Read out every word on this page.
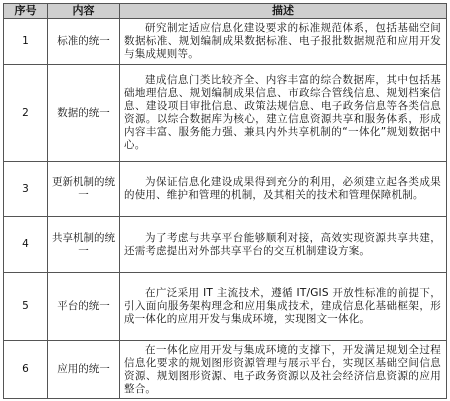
序号	内容	描述
1	标准的统一	研究制定适应信息化建设要求的标准规范体系，包括基础空间数据标准、规划编制成果数据标准、电子报批数据规范和应用开发与集成规则等。
2	数据的统一	建成信息门类比较齐全、内容丰富的综合数据库，其中包括基础地理信息、规划编制成果信息、市政综合管线信息、规划档案信息、建设项目审批信息、政策法规信息、电子政务信息等各类信息资源。以综合数据库为核心，建立信息资源共享和服务体系，形成内容丰富、服务能力强、兼具内外共享机制的“一体化”规划数据中心。
3	更新机制的统一	为保证信息化建设成果得到充分的利用，必须建立起各类成果的使用、维护和管理的机制，及其相关的技术和管理保障机制。
4	共享机制的统一	为了考虑与共享平台能够顺利对接，高效实现资源共享共建，还需考虑提出对外部共享平台的交互机制建设方案。
5	平台的统一	在广泛采用 IT 主流技术，遵循 IT/GIS 开放性标准的前提下，引入面向服务架构理念和应用集成技术，建成信息化基础框架，形成一体化的应用开发与集成环境，实现图文一体化。
6	应用的统一	在一体化应用开发与集成环境的支撑下，开发满足规划全过程信息化要求的规划图形资源管理与展示平台，实现区基础空间信息资源、规划图形资源、电子政务资源以及社会经济信息资源的应用整合。
